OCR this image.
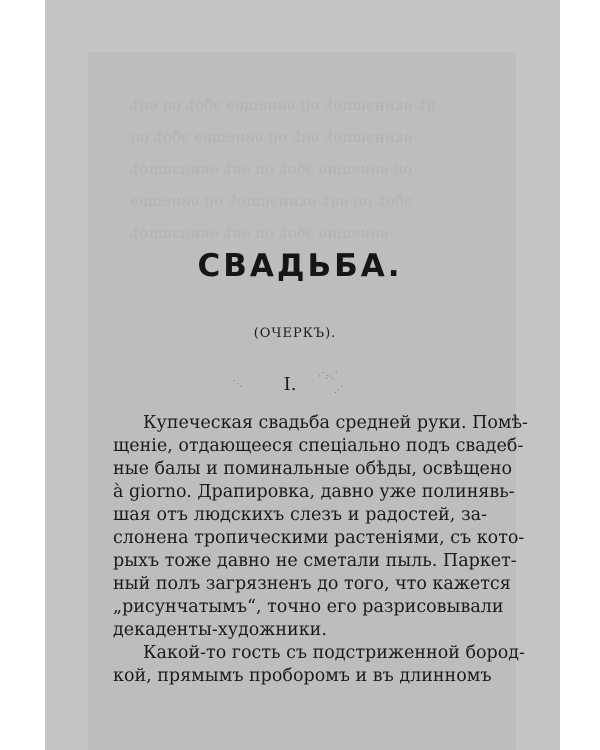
нѣ ѳкинэшпоѣ оп ѳинещиѳ эбоѣ оп ѳнѣ
ѳкинэшпоѣ ѳнѣ оп ѳинещиѳ эбоѣ оп
оп ѳинещиѳ эбоѣ оп ѳнѣ ѳкинэшпоѣ
эбоѣ оп ѳнѣ ѳкинэшпоѣ оп ѳинещиѳ
ѳинещиѳ эбоѣ оп ѳнѣ ѳкинэшпоѣ
СВАДЬБА.
(ОЧЕРКЪ).
˙·.
·˙:·.˙
.·˙
I.
Купеческая свадьба средней руки. Помѣ-
щеніе, отдающееся спеціально подъ свадеб-
ные балы и поминальные обѣды, освѣщено
à giorno. Драпировка, давно уже полинявь-
шая отъ людскихъ слезъ и радостей, за-
слонена тропическими растеніями, съ кото-
рыхъ тоже давно не сметали пыль. Паркет-
ный полъ загрязненъ до того, что кажется
„рисунчатымъ“, точно его разрисовывали
декаденты-художники.
Какой-то гость съ подстриженной бород-
кой, прямымъ проборомъ и въ длинномъ
